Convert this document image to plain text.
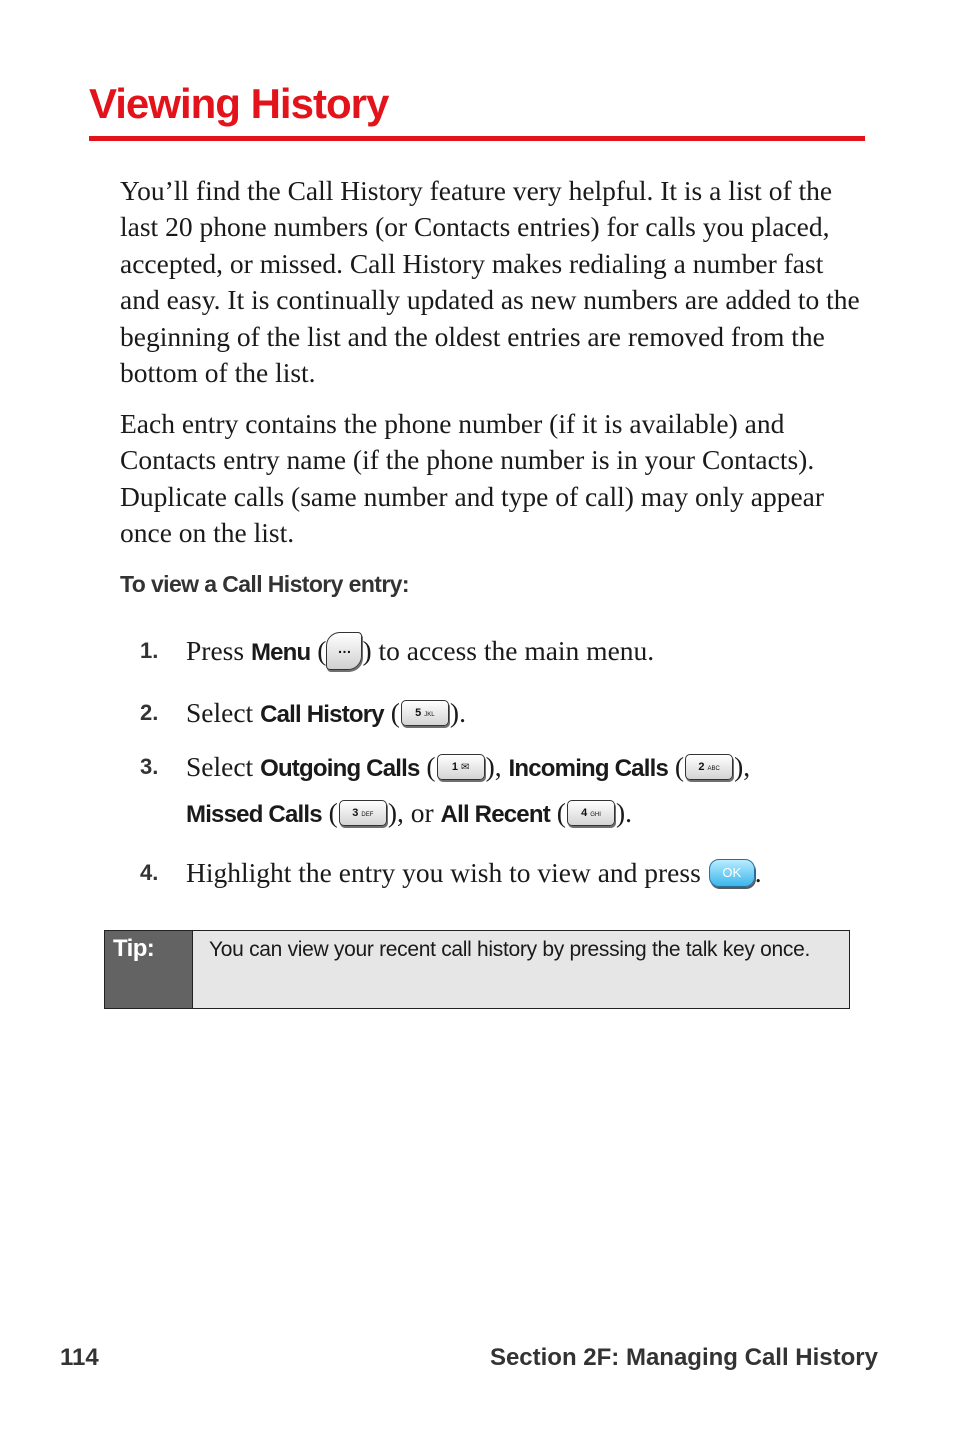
Viewing History

You’ll find the Call History feature very helpful. It is a list of the last 20 phone numbers (or Contacts entries) for calls you placed, accepted, or missed. Call History makes redialing a number fast and easy. It is continually updated as new numbers are added to the beginning of the list and the oldest entries are removed from the bottom of the list.

Each entry contains the phone number (if it is available) and Contacts entry name (if the phone number is in your Contacts). Duplicate calls (same number and type of call) may only appear once on the list.

To view a Call History entry:
1. Press Menu ( … ) to access the main menu.
2. Select Call History ( 5 JKL ).
3. Select Outgoing Calls ( 1 ✉ ), Incoming Calls ( 2 ABC ),
Missed Calls ( 3 DEF ), or All Recent ( 4 GHI ).
4. Highlight the entry you wish to view and press OK .
Tip:	You can view your recent call history by pressing the talk key once.
114	Section 2F: Managing Call History
